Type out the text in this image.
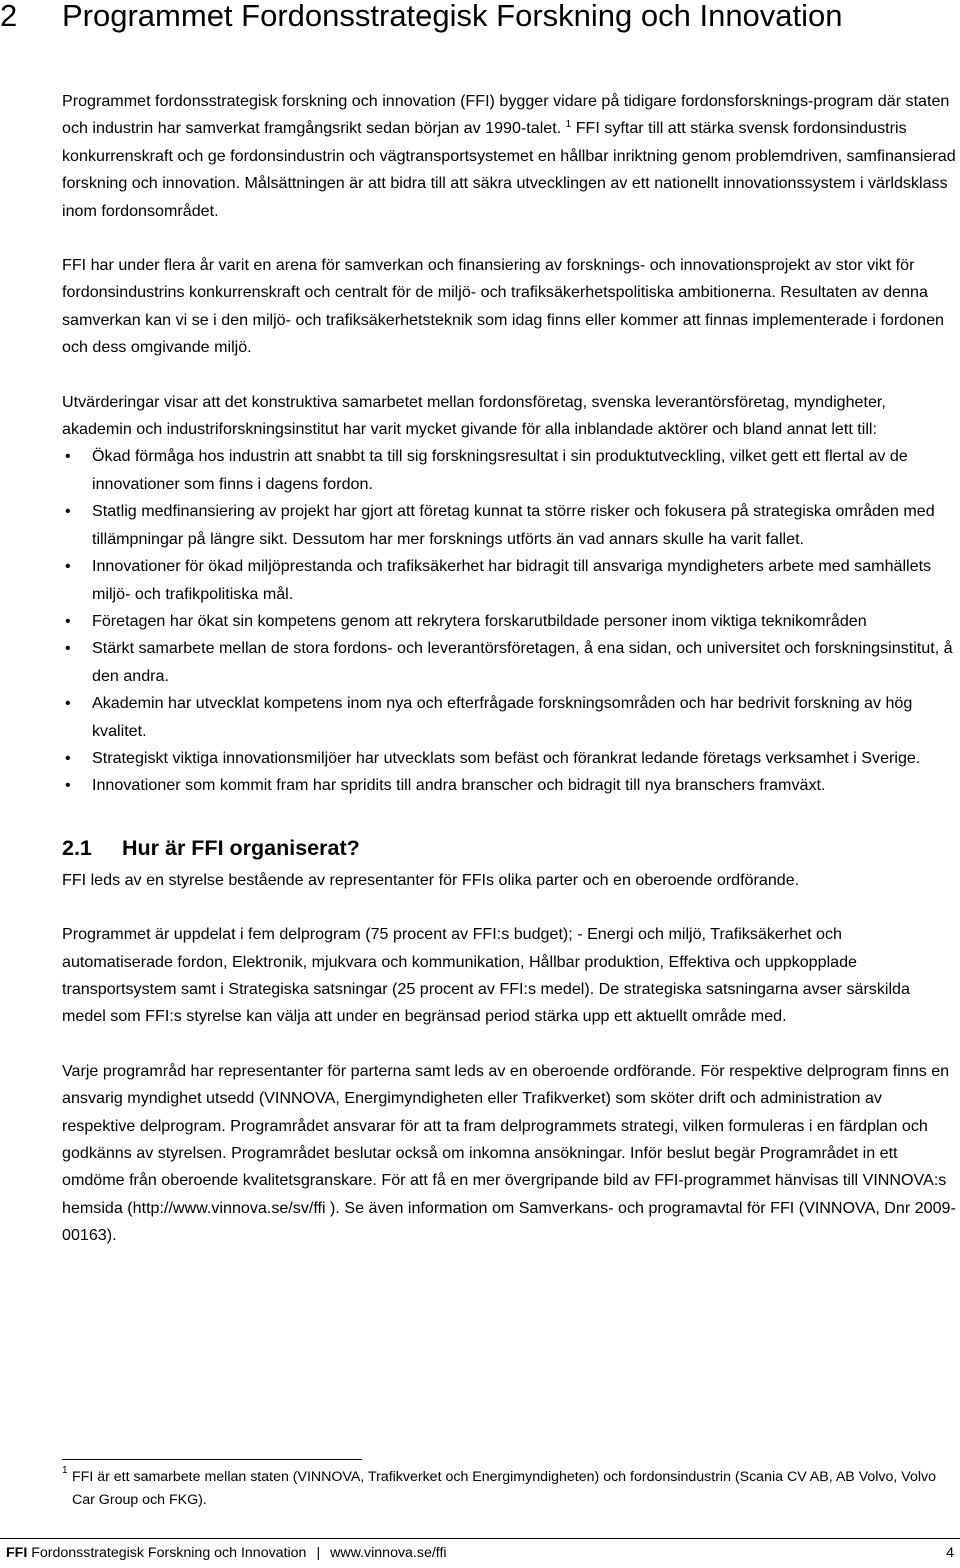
2 Programmet Fordonsstrategisk Forskning och Innovation

Programmet fordonsstrategisk forskning och innovation (FFI) bygger vidare på tidigare fordonsforsknings-program där staten och industrin har samverkat framgångsrikt sedan början av 1990-talet. $^1$ FFI syftar till att stärka svensk fordonsindustris konkurrenskraft och ge fordonsindustrin och vägtransportsystemet en hållbar inriktning genom problemdriven, samfinansierad forskning och innovation. Målsättningen är att bidra till att säkra utvecklingen av ett nationellt innovationssystem i världsklass inom fordonsområdet.

FFI har under flera år varit en arena för samverkan och finansiering av forsknings- och innovationsprojekt av stor vikt för fordonsindustrins konkurrenskraft och centralt för de miljö- och trafiksäkerhetspolitiska ambitionerna. Resultaten av denna samverkan kan vi se i den miljö- och trafiksäkerhetsteknik som idag finns eller kommer att finnas implementerade i fordonen och dess omgivande miljö.

Utvärderingar visar att det konstruktiva samarbetet mellan fordonsföretag, svenska leverantörsföretag, myndigheter, akademin och industriforskningsinstitut har varit mycket givande för alla inblandade aktörer och bland annat lett till:

• Ökad förmåga hos industrin att snabbt ta till sig forskningsresultat i sin produktutveckling, vilket gett ett flertal av de innovationer som finns i dagens fordon.
• Statlig medfinansiering av projekt har gjort att företag kunnat ta större risker och fokusera på strategiska områden med tillämpningar på längre sikt. Dessutom har mer forsknings utförts än vad annars skulle ha varit fallet.
• Innovationer för ökad miljöprestanda och trafiksäkerhet har bidragit till ansvariga myndigheters arbete med samhällets miljö- och trafikpolitiska mål.
• Företagen har ökat sin kompetens genom att rekrytera forskarutbildade personer inom viktiga teknikområden
• Stärkt samarbete mellan de stora fordons- och leverantörsföretagen, å ena sidan, och universitet och forskningsinstitut, å den andra.
• Akademin har utvecklat kompetens inom nya och efterfrågade forskningsområden och har bedrivit forskning av hög kvalitet.
• Strategiskt viktiga innovationsmiljöer har utvecklats som befäst och förankrat ledande företags verksamhet i Sverige.
• Innovationer som kommit fram har spridits till andra branscher och bidragit till nya branschers framväxt.
2.1 Hur är FFI organiserat?

FFI leds av en styrelse bestående av representanter för FFIs olika parter och en oberoende ordförande.

Programmet är uppdelat i fem delprogram (75 procent av FFI:s budget); - Energi och miljö, Trafiksäkerhet och automatiserade fordon, Elektronik, mjukvara och kommunikation, Hållbar produktion, Effektiva och uppkopplade transportsystem samt i Strategiska satsningar (25 procent av FFI:s medel). De strategiska satsningarna avser särskilda medel som FFI:s styrelse kan välja att under en begränsad period stärka upp ett aktuellt område med.

Varje programråd har representanter för parterna samt leds av en oberoende ordförande. För respektive delprogram finns en ansvarig myndighet utsedd (VINNOVA, Energimyndigheten eller Trafikverket) som sköter drift och administration av respektive delprogram. Programrådet ansvarar för att ta fram delprogrammets strategi, vilken formuleras i en färdplan och godkänns av styrelsen. Programrådet beslutar också om inkomna ansökningar. Inför beslut begär Programrådet in ett omdöme från oberoende kvalitetsgranskare. För att få en mer övergripande bild av FFI-programmet hänvisas till VINNOVA:s hemsida (http://www.vinnova.se/sv/ffi ). Se även information om Samverkans- och programavtal för FFI (VINNOVA, Dnr 2009-00163).

1 FFI är ett samarbete mellan staten (VINNOVA, Trafikverket och Energimyndigheten) och fordonsindustrin (Scania CV AB, AB Volvo, Volvo Car Group och FKG).
FFI Fordonsstrategisk Forskning och Innovation | www.vinnova.se/ffi	4
